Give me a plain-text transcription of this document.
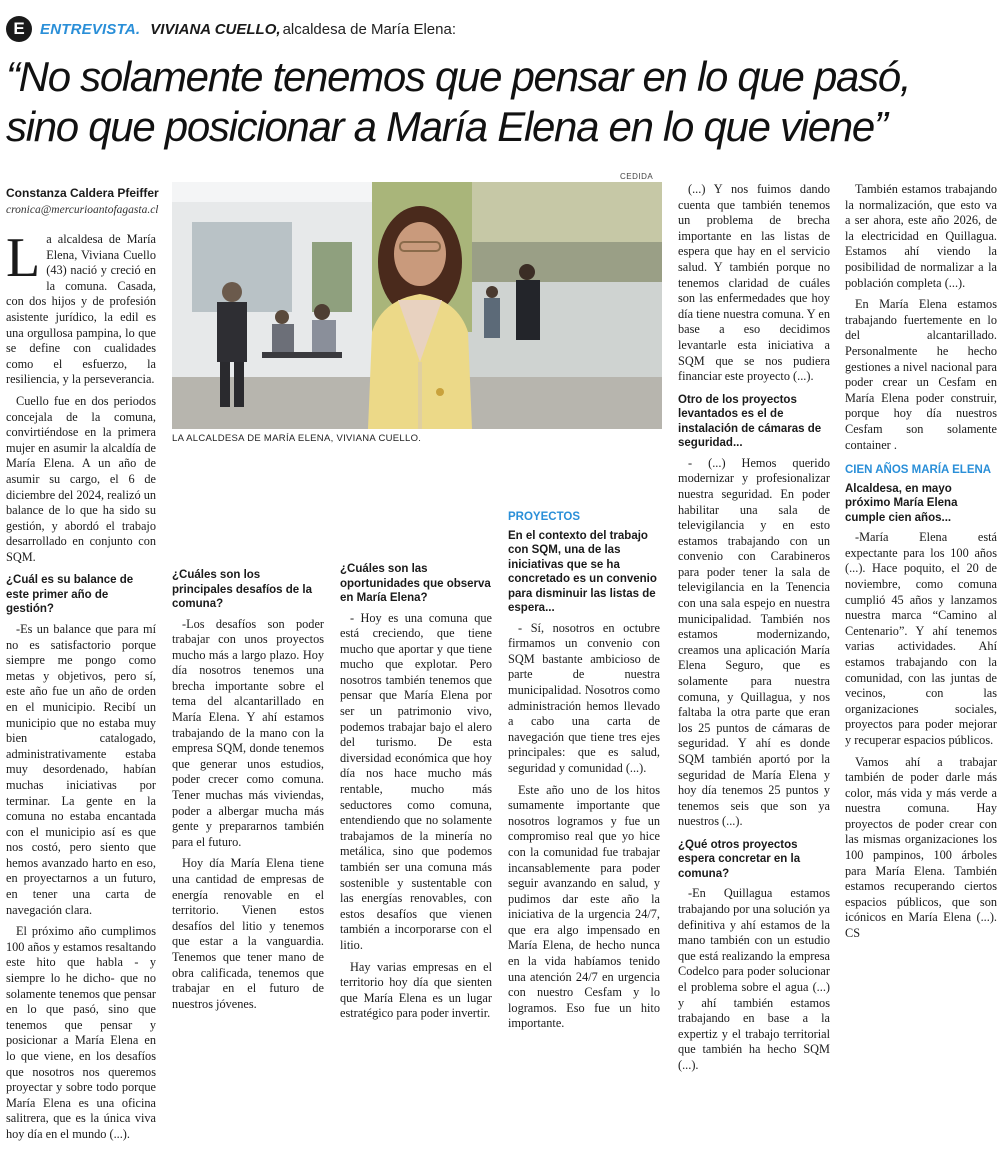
E	ENTREVISTA. VIVIANA CUELLO, alcaldesa de María Elena:
“No solamente tenemos que pensar en lo que pasó,
sino que posicionar a María Elena en lo que viene”
Constanza Caldera Pfeiffer
cronica@mercurioantofagasta.cl
CEDIDA
LA ALCALDESA DE MARÍA ELENA, VIVIANA CUELLO.

La alcaldesa de María Elena, Viviana Cuello (43) nació y creció en la comuna. Casada, con dos hijos y de profesión asistente jurídico, la edil es una orgullosa pampina, lo que se define con cualidades como el esfuerzo, la resiliencia, y la perseverancia.

Cuello fue en dos periodos concejala de la comuna, convirtiéndose en la primera mujer en asumir la alcaldía de María Elena. A un año de asumir su cargo, el 6 de diciembre del 2024, realizó un balance de lo que ha sido su gestión, y abordó el trabajo desarrollado en conjunto con SQM.

¿Cuál es su balance de este primer año de gestión?

-Es un balance que para mí no es satisfactorio porque siempre me pongo como metas y objetivos, pero sí, este año fue un año de orden en el municipio. Recibí un municipio que no estaba muy bien catalogado, administrativamente estaba muy desordenado, habían muchas iniciativas por terminar. La gente en la comuna no estaba encantada con el municipio así es que nos costó, pero siento que hemos avanzado harto en eso, en proyectarnos a un futuro, en tener una carta de navegación clara.

El próximo año cumplimos 100 años y estamos resaltando este hito que habla - y siempre lo he dicho- que no solamente tenemos que pensar en lo que pasó, sino que tenemos que pensar y posicionar a María Elena en lo que viene, en los desafíos que nosotros nos queremos proyectar y sobre todo porque María Elena es una oficina salitrera, que es la única viva hoy día en el mundo (...).

¿Cuáles son los principales desafíos de la comuna?

-Los desafíos son poder trabajar con unos proyectos mucho más a largo plazo. Hoy día nosotros tenemos una brecha importante sobre el tema del alcantarillado en María Elena. Y ahí estamos trabajando de la mano con la empresa SQM, donde tenemos que generar unos estudios, poder crecer como comuna. Tener muchas más viviendas, poder a albergar mucha más gente y prepararnos también para el futuro.

Hoy día María Elena tiene una cantidad de empresas de energía renovable en el territorio. Vienen estos desafíos del litio y tenemos que estar a la vanguardia. Tenemos que tener mano de obra calificada, tenemos que trabajar en el futuro de nuestros jóvenes.

¿Cuáles son las oportunidades que observa en María Elena?

- Hoy es una comuna que está creciendo, que tiene mucho que aportar y que tiene mucho que explotar. Pero nosotros también tenemos que pensar que María Elena por ser un patrimonio vivo, podemos trabajar bajo el alero del turismo. De esta diversidad económica que hoy día nos hace mucho más rentable, mucho más seductores como comuna, entendiendo que no solamente trabajamos de la minería no metálica, sino que podemos también ser una comuna más sostenible y sustentable con las energías renovables, con estos desafíos que vienen también a incorporarse con el litio.

Hay varias empresas en el territorio hoy día que sienten que María Elena es un lugar estratégico para poder invertir.

PROYECTOS
En el contexto del trabajo con SQM, una de las iniciativas que se ha concretado es un convenio para disminuir las listas de espera...

- Sí, nosotros en octubre firmamos un convenio con SQM bastante ambicioso de parte de nuestra municipalidad. Nosotros como administración hemos llevado a cabo una carta de navegación que tiene tres ejes principales: que es salud, seguridad y comunidad (...).

Este año uno de los hitos sumamente importante que nosotros logramos y fue un compromiso real que yo hice con la comunidad fue trabajar incansablemente para poder seguir avanzando en salud, y pudimos dar este año la iniciativa de la urgencia 24/7, que era algo impensado en María Elena, de hecho nunca en la vida habíamos tenido una atención 24/7 en urgencia con nuestro Cesfam y lo logramos. Eso fue un hito importante.

(...) Y nos fuimos dando cuenta que también tenemos un problema de brecha importante en las listas de espera que hay en el servicio salud. Y también porque no tenemos claridad de cuáles son las enfermedades que hoy día tiene nuestra comuna. Y en base a eso decidimos levantarle esta iniciativa a SQM que se nos pudiera financiar este proyecto (...).

Otro de los proyectos levantados es el de instalación de cámaras de seguridad...

- (...) Hemos querido modernizar y profesionalizar nuestra seguridad. En poder habilitar una sala de televigilancia y en esto estamos trabajando con un convenio con Carabineros para poder tener la sala de televigilancia en la Tenencia con una sala espejo en nuestra municipalidad. También nos estamos modernizando, creamos una aplicación María Elena Seguro, que es solamente para nuestra comuna, y Quillagua, y nos faltaba la otra parte que eran los 25 puntos de cámaras de seguridad. Y ahí es donde SQM también aportó por la seguridad de María Elena y hoy día tenemos 25 puntos y tenemos seis que son ya nuestros (...).

¿Qué otros proyectos espera concretar en la comuna?

-En Quillagua estamos trabajando por una solución ya definitiva y ahí estamos de la mano también con un estudio que está realizando la empresa Codelco para poder solucionar el problema sobre el agua (...) y ahí también estamos trabajando en base a la expertiz y el trabajo territorial que también ha hecho SQM (...).

También estamos trabajando la normalización, que esto va a ser ahora, este año 2026, de la electricidad en Quillagua. Estamos ahí viendo la posibilidad de normalizar a la población completa (...).

En María Elena estamos trabajando fuertemente en lo del alcantarillado. Personalmente he hecho gestiones a nivel nacional para poder crear un Cesfam en María Elena poder construir, porque hoy día nuestros Cesfam son solamente container .

CIEN AÑOS MARÍA ELENA
Alcaldesa, en mayo próximo María Elena cumple cien años...

-María Elena está expectante para los 100 años (...). Hace poquito, el 20 de noviembre, como comuna cumplió 45 años y lanzamos nuestra marca “Camino al Centenario”. Y ahí tenemos varias actividades. Ahí estamos trabajando con la comunidad, con las juntas de vecinos, con las organizaciones sociales, proyectos para poder mejorar y recuperar espacios públicos.

Vamos ahí a trabajar también de poder darle más color, más vida y más verde a nuestra comuna. Hay proyectos de poder crear con las mismas organizaciones los 100 pampinos, 100 árboles para María Elena. También estamos recuperando ciertos espacios públicos, que son icónicos en María Elena (...). CS
